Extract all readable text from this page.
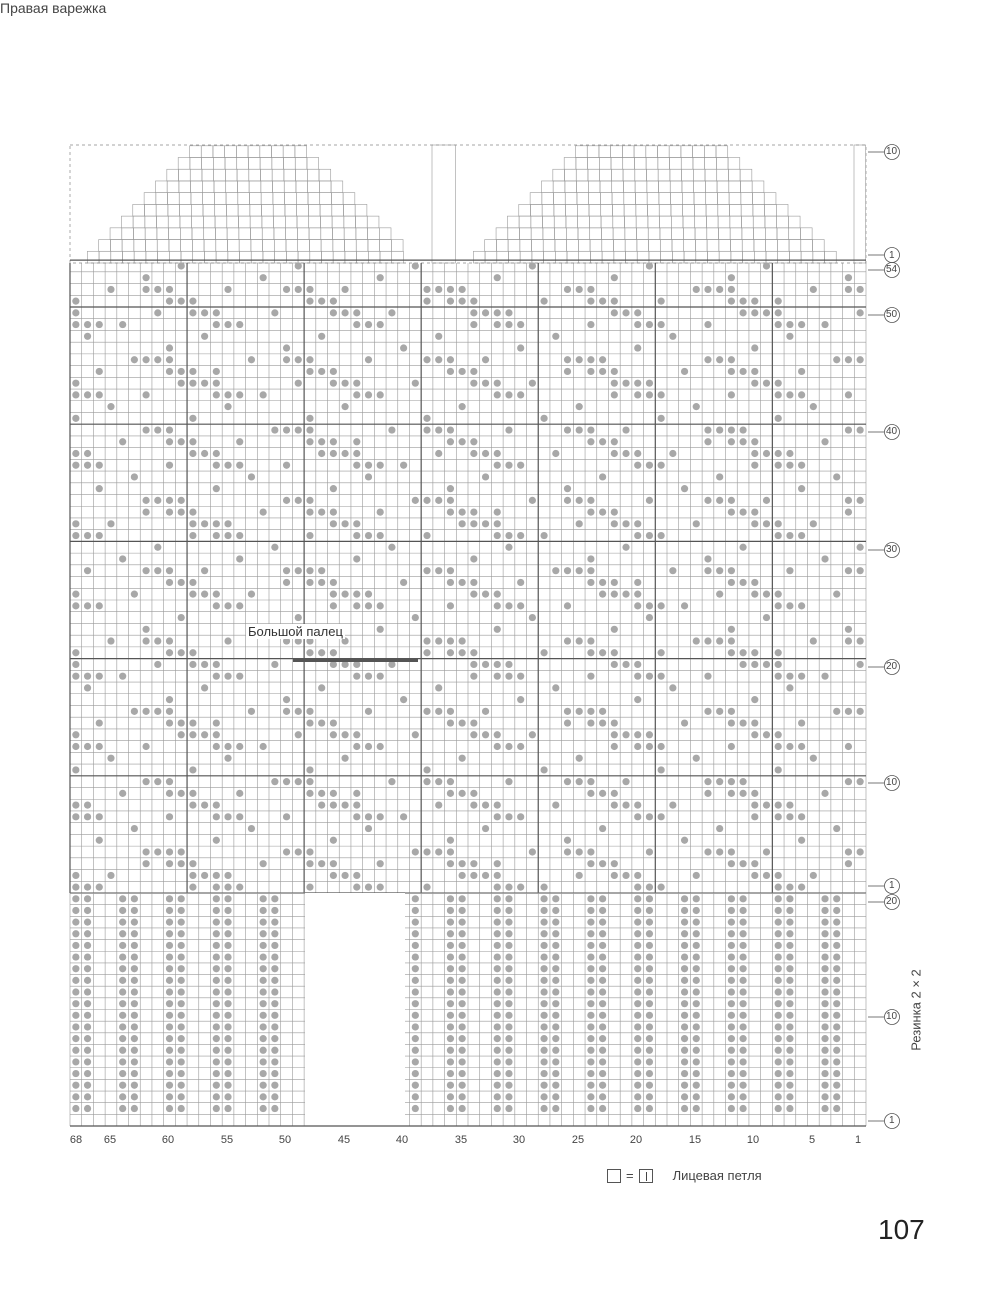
Правая варежка
Большой палец
Резинка 2 × 2
10
1
54
50
40
30
20
10
1
20
10
1
68 65	60	55	50	45	40	35	30	25	20	15	10	5	1
=	Лицевая петля
107
